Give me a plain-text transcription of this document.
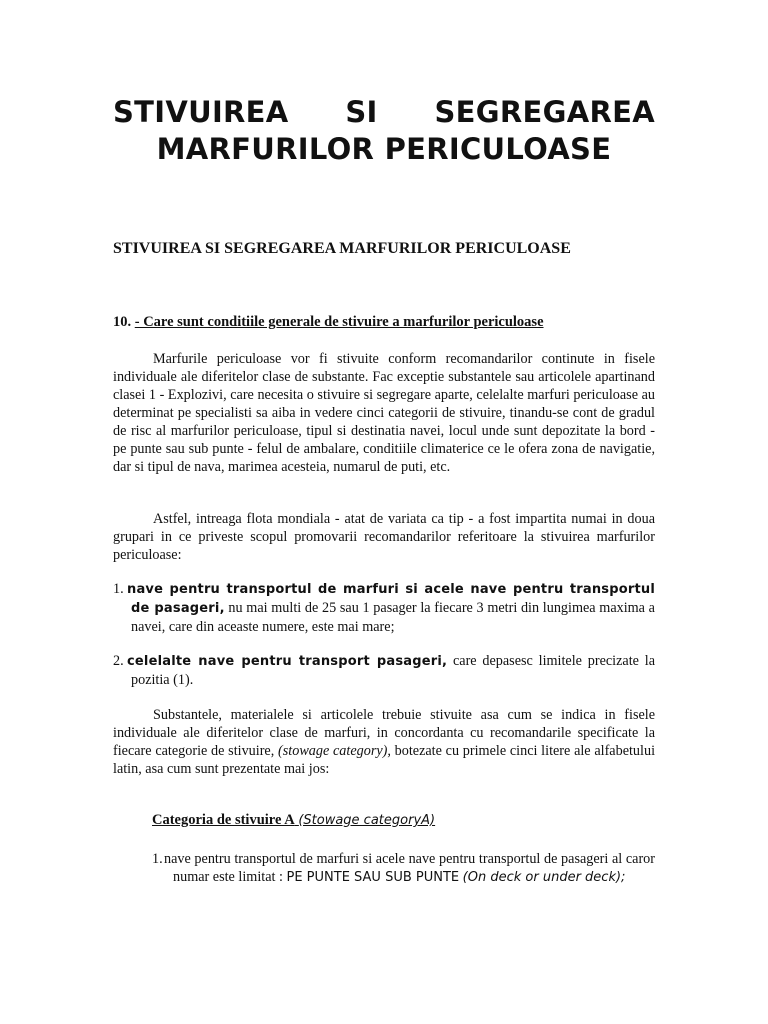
STIVUIREA SI SEGREGAREA
MARFURILOR PERICULOASE
STIVUIREA SI SEGREGAREA MARFURILOR PERICULOASE
10. - Care sunt conditiile generale de stivuire a marfurilor periculoase

Marfurile periculoase vor fi stivuite conform recomandarilor continute in fisele individuale ale diferitelor clase de substante. Fac exceptie substantele sau articolele apartinand clasei 1 - Explozivi, care necesita o stivuire si segregare aparte, celelalte marfuri periculoase au determinat pe specialisti sa aiba in vedere cinci categorii de stivuire, tinandu-se cont de gradul de risc al marfurilor periculoase, tipul si destinatia navei, locul unde sunt depozitate la bord - pe punte sau sub punte - felul de ambalare, conditiile climaterice ce le ofera zona de navigatie, dar si tipul de nava, marimea acesteia, numarul de puti, etc.

Astfel, intreaga flota mondiala - atat de variata ca tip - a fost impartita numai in doua grupari in ce priveste scopul promovarii recomandarilor referitoare la stivuirea marfurilor periculoase:

1. nave pentru transportul de marfuri si acele nave pentru transportul de pasageri, nu mai multi de 25 sau 1 pasager la fiecare 3 metri din lungimea maxima a navei, care din aceaste numere, este mai mare;

2. celelalte nave pentru transport pasageri, care depasesc limitele precizate la pozitia (1).

Substantele, materialele si articolele trebuie stivuite asa cum se indica in fisele individuale ale diferitelor clase de marfuri, in concordanta cu recomandarile specificate la fiecare categorie de stivuire, (stowage category), botezate cu primele cinci litere ale alfabetului latin, asa cum sunt prezentate mai jos:

Categoria de stivuire A (Stowage categoryA)

1.nave pentru transportul de marfuri si acele nave pentru transportul de pasageri al caror numar este limitat : PE PUNTE SAU SUB PUNTE (On deck or under deck);
